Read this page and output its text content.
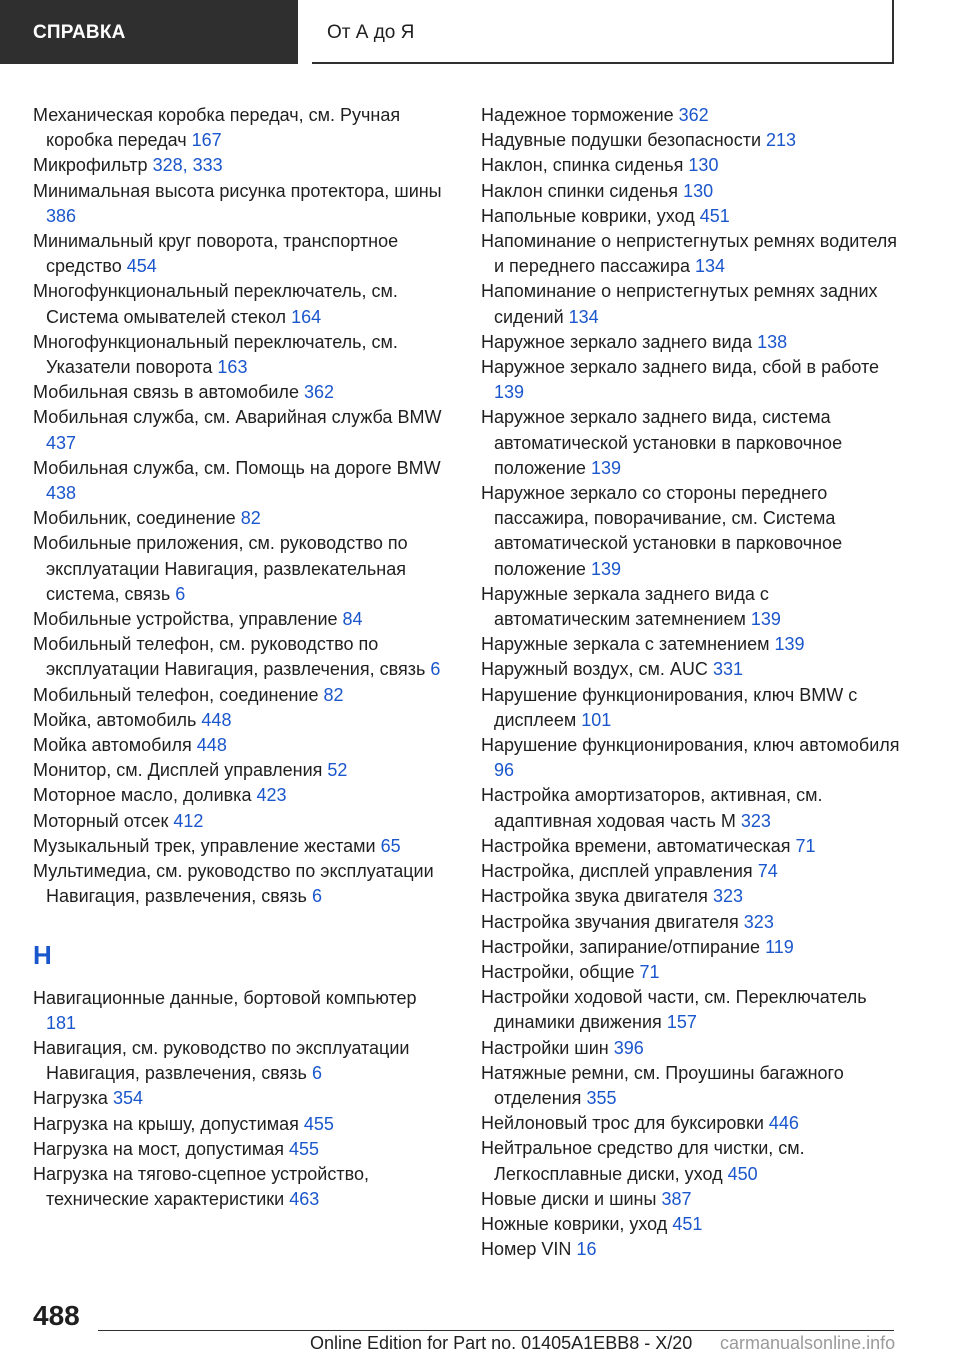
СПРАВКА	От А до Я

Механическая коробка передач, см. Ручная коробка передач 167

Микрофильтр 328, 333

Минимальная высота рисунка протектора, шины 386

Минимальный круг поворота, транспортное средство 454

Многофункциональный переключатель, см. Система омывателей стекол 164

Многофункциональный переключатель, см. Указатели поворота 163

Мобильная связь в автомобиле 362

Мобильная служба, см. Аварийная служба BMW 437

Мобильная служба, см. Помощь на дороге BMW 438

Мобильник, соединение 82

Мобильные приложения, см. руководство по эксплуатации Навигация, развлекательная система, связь 6

Мобильные устройства, управление 84

Мобильный телефон, см. руководство по эксплуатации Навигация, развлечения, связь 6

Мобильный телефон, соединение 82

Мойка, автомобиль 448

Мойка автомобиля 448

Монитор, см. Дисплей управления 52

Моторное масло, доливка 423

Моторный отсек 412

Музыкальный трек, управление жестами 65

Мультимедиа, см. руководство по эксплуатации Навигация, развлечения, связь 6

Н

Навигационные данные, бортовой компьютер 181

Навигация, см. руководство по эксплуатации Навигация, развлечения, связь 6

Нагрузка 354

Нагрузка на крышу, допустимая 455

Нагрузка на мост, допустимая 455

Нагрузка на тягово-сцепное устройство, технические характеристики 463

Надежное торможение 362

Надувные подушки безопасности 213

Наклон, спинка сиденья 130

Наклон спинки сиденья 130

Напольные коврики, уход 451

Напоминание о непристегнутых ремнях водителя и переднего пассажира 134

Напоминание о непристегнутых ремнях задних сидений 134

Наружное зеркало заднего вида 138

Наружное зеркало заднего вида, сбой в работе 139

Наружное зеркало заднего вида, система автоматической установки в парковочное положение 139

Наружное зеркало со стороны переднего пассажира, поворачивание, см. Система автоматической установки в парковочное положение 139

Наружные зеркала заднего вида с автоматическим затемнением 139

Наружные зеркала с затемнением 139

Наружный воздух, см. AUC 331

Нарушение функционирования, ключ BMW с дисплеем 101

Нарушение функционирования, ключ автомобиля 96

Настройка амортизаторов, активная, см. адаптивная ходовая часть M 323

Настройка времени, автоматическая 71

Настройка, дисплей управления 74

Настройка звука двигателя 323

Настройка звучания двигателя 323

Настройки, запирание/отпирание 119

Настройки, общие 71

Настройки ходовой части, см. Переключатель динамики движения 157

Настройки шин 396

Натяжные ремни, см. Проушины багажного отделения 355

Нейлоновый трос для буксировки 446

Нейтральное средство для чистки, см. Легкосплавные диски, уход 450

Новые диски и шины 387

Ножные коврики, уход 451

Номер VIN 16

488
Online Edition for Part no. 01405A1EBB8 - X/20 carmanualsonline.info
